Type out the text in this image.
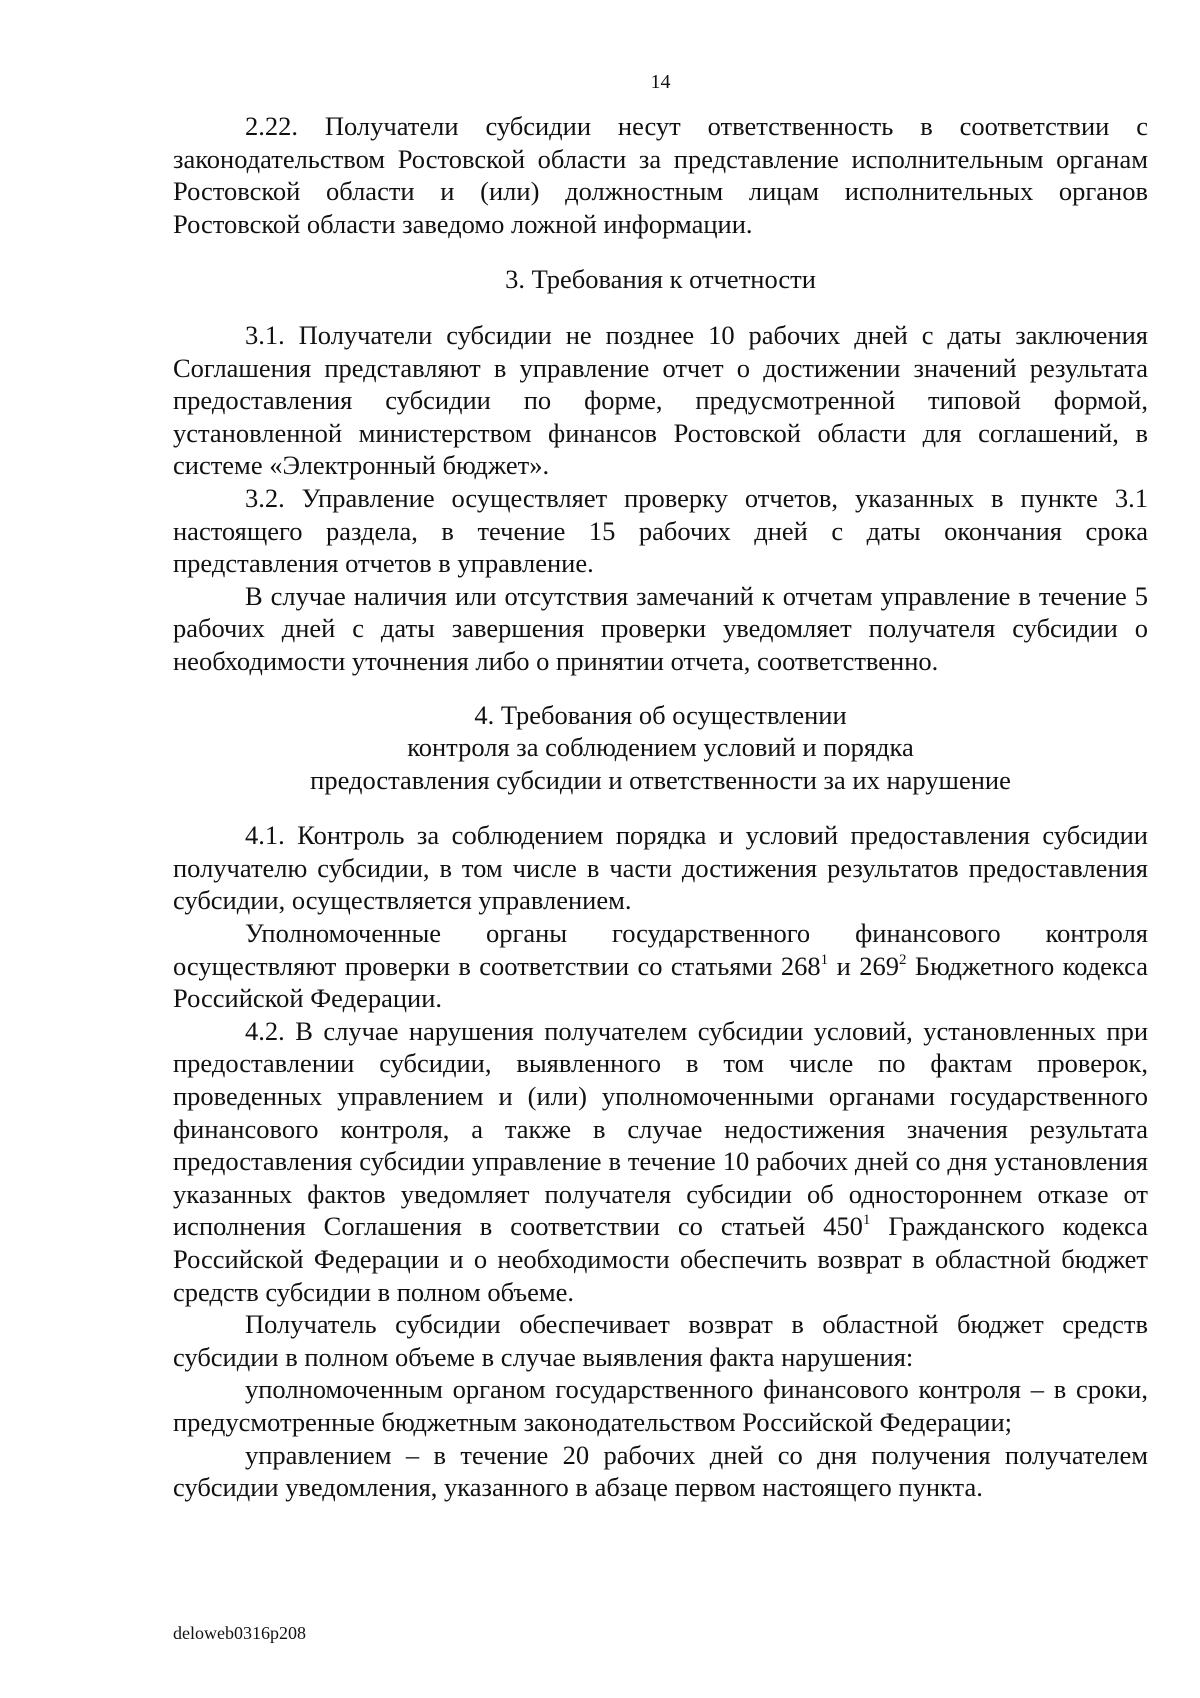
14

2.22. Получатели субсидии несут ответственность в соответствии с законодательством Ростовской области за представление исполнительным органам Ростовской области и (или) должностным лицам исполнительных органов Ростовской области заведомо ложной информации.

3. Требования к отчетности

3.1. Получатели субсидии не позднее 10 рабочих дней с даты заключения Соглашения представляют в управление отчет о достижении значений результата предоставления субсидии по форме, предусмотренной типовой формой, установленной министерством финансов Ростовской области для соглашений, в системе «Электронный бюджет».

3.2. Управление осуществляет проверку отчетов, указанных в пункте 3.1 настоящего раздела, в течение 15 рабочих дней с даты окончания срока представления отчетов в управление.

В случае наличия или отсутствия замечаний к отчетам управление в течение 5 рабочих дней с даты завершения проверки уведомляет получателя субсидии о необходимости уточнения либо о принятии отчета, соответственно.

4. Требования об осуществлении
контроля за соблюдением условий и порядка
предоставления субсидии и ответственности за их нарушение

4.1. Контроль за соблюдением порядка и условий предоставления субсидии получателю субсидии, в том числе в части достижения результатов предоставления субсидии, осуществляется управлением.

Уполномоченные органы государственного финансового контроля осуществляют проверки в соответствии со статьями $268^1$ и $269^2$ Бюджетного кодекса Российской Федерации.

4.2. В случае нарушения получателем субсидии условий, установленных при предоставлении субсидии, выявленного в том числе по фактам проверок, проведенных управлением и (или) уполномоченными органами государственного финансового контроля, а также в случае недостижения значения результата предоставления субсидии управление в течение 10 рабочих дней со дня установления указанных фактов уведомляет получателя субсидии об одностороннем отказе от исполнения Соглашения в соответствии со статьей $450^1$ Гражданского кодекса Российской Федерации и о необходимости обеспечить возврат в областной бюджет средств субсидии в полном объеме.

Получатель субсидии обеспечивает возврат в областной бюджет средств субсидии в полном объеме в случае выявления факта нарушения:

уполномоченным органом государственного финансового контроля – в сроки, предусмотренные бюджетным законодательством Российской Федерации;

управлением – в течение 20 рабочих дней со дня получения получателем субсидии уведомления, указанного в абзаце первом настоящего пункта.

deloweb0316p208
